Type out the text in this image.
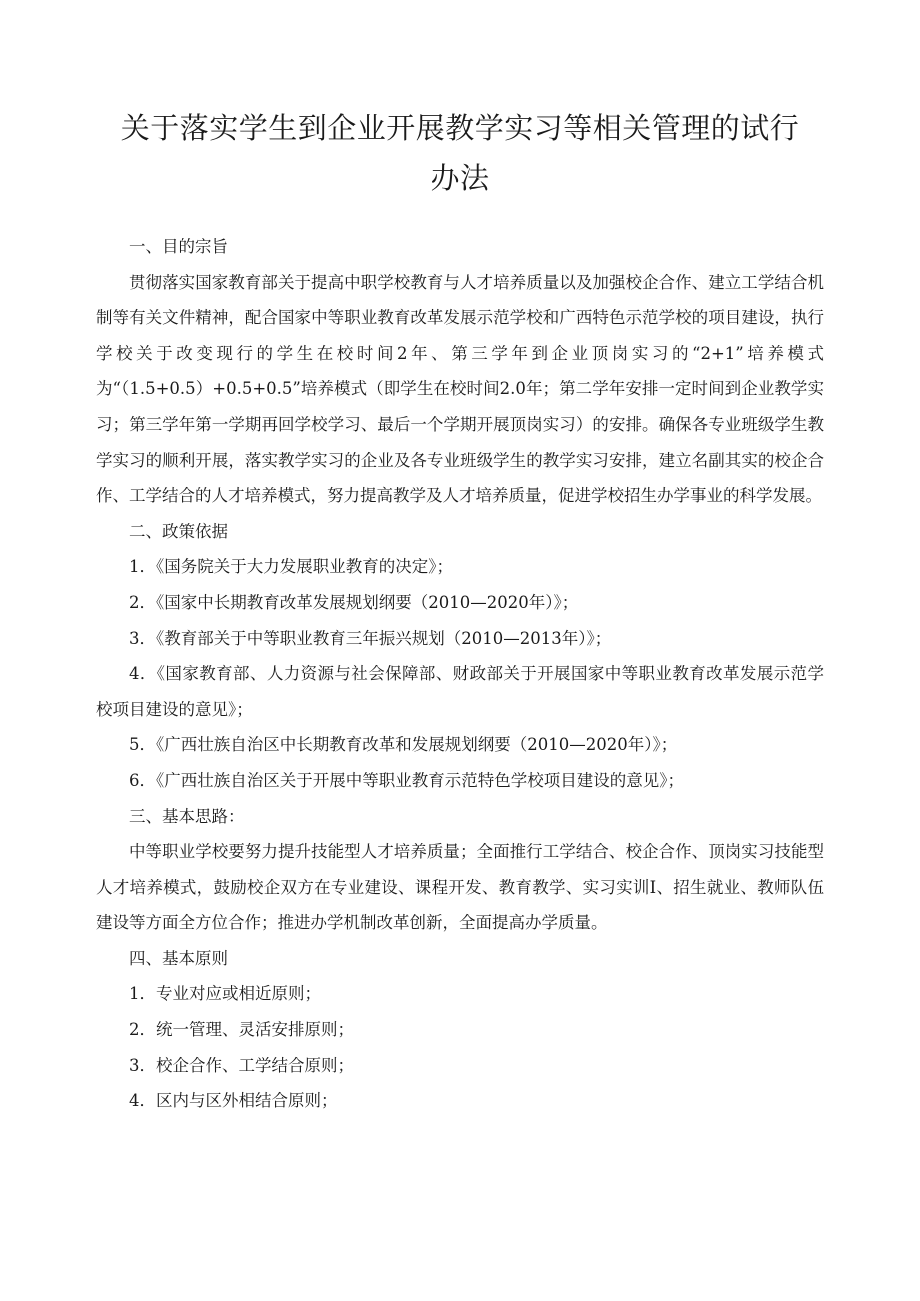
关于落实学生到企业开展教学实习等相关管理的试行
办法

一、目的宗旨

贯彻落实国家教育部关于提高中职学校教育与人才培养质量以及加强校企合作、建立工学结合机制等有关文件精神，配合国家中等职业教育改革发展示范学校和广西特色示范学校的项目建设，执行学校关于改变现行的学生在校时间2年、第三学年到企业顶岗实习的“2+1”培养模式为“（1.5+0.5）+0.5+0.5”培养模式（即学生在校时间2.0年；第二学年安排一定时间到企业教学实习；第三学年第一学期再回学校学习、最后一个学期开展顶岗实习）的安排。确保各专业班级学生教学实习的顺利开展，落实教学实习的企业及各专业班级学生的教学实习安排，建立名副其实的校企合作、工学结合的人才培养模式，努力提高教学及人才培养质量，促进学校招生办学事业的科学发展。

二、政策依据

1．《国务院关于大力发展职业教育的决定》；

2．《国家中长期教育改革发展规划纲要（2010—2020年）》；

3．《教育部关于中等职业教育三年振兴规划（2010—2013年）》；

4．《国家教育部、人力资源与社会保障部、财政部关于开展国家中等职业教育改革发展示范学校项目建设的意见》；

5．《广西壮族自治区中长期教育改革和发展规划纲要（2010—2020年）》；

6．《广西壮族自治区关于开展中等职业教育示范特色学校项目建设的意见》；

三、基本思路：

中等职业学校要努力提升技能型人才培养质量；全面推行工学结合、校企合作、顶岗实习技能型人才培养模式，鼓励校企双方在专业建设、课程开发、教育教学、实习实训I、招生就业、教师队伍建设等方面全方位合作；推进办学机制改革创新，全面提高办学质量。

四、基本原则

1．专业对应或相近原则；

2．统一管理、灵活安排原则；

3．校企合作、工学结合原则；

4．区内与区外相结合原则；
